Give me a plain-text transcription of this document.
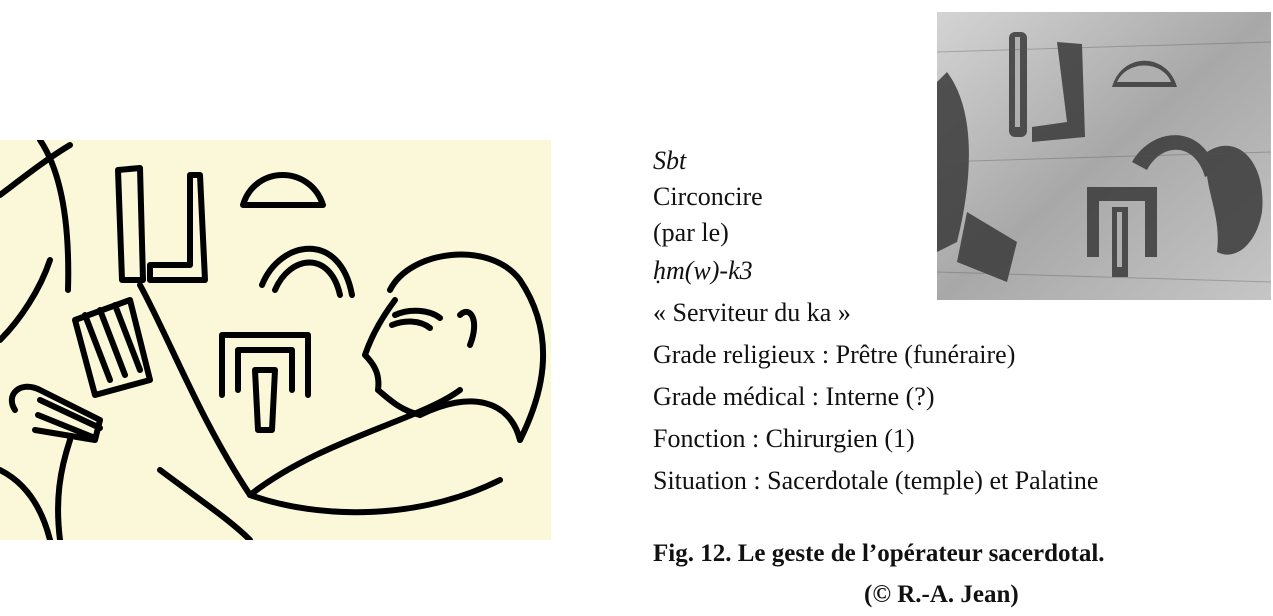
Sbt
Circoncire
(par le)
ḥm(w)-k3
« Serviteur du ka »
Grade religieux : Prêtre (funéraire)
Grade médical : Interne (?)
Fonction : Chirurgien (1)
Situation : Sacerdotale (temple) et Palatine
Fig. 12. Le geste de l’opérateur sacerdotal.
(© R.-A. Jean)
